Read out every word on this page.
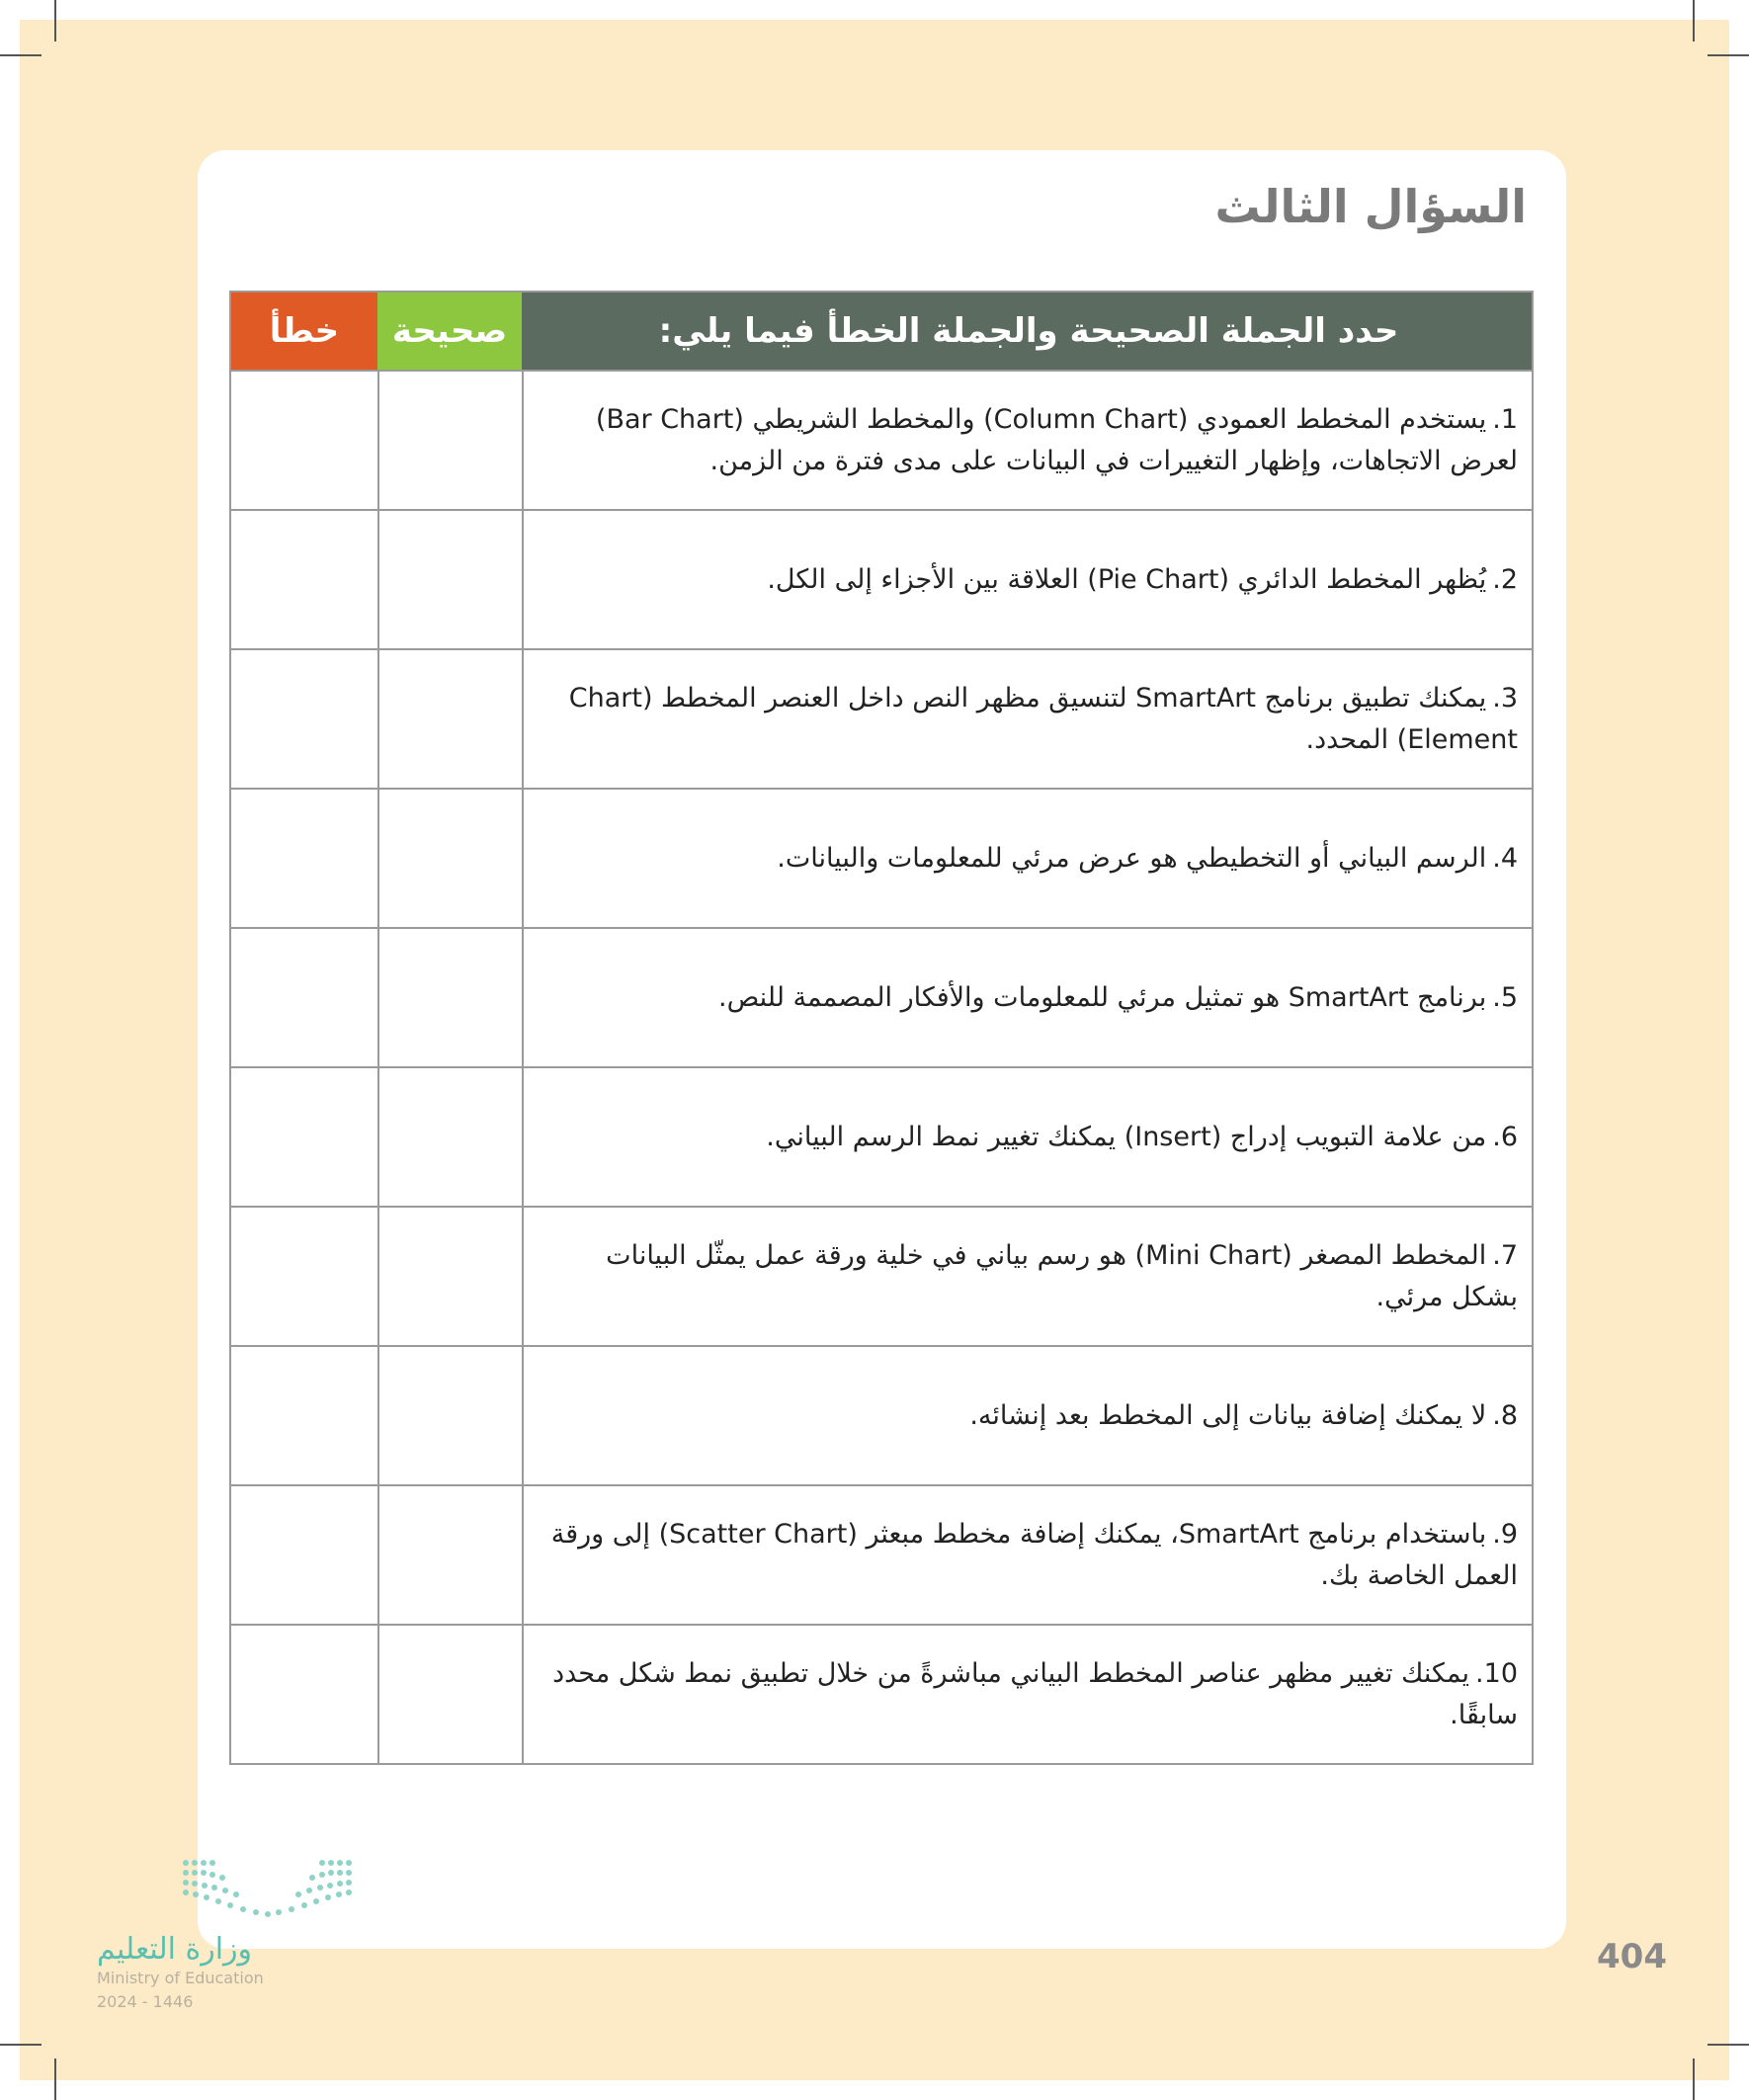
السؤال الثالث
حدد الجملة الصحيحة والجملة الخطأ فيما يلي:
صحيحة
خطأ
1.يستخدم المخطط العمودي (Column Chart) والمخطط الشريطي (Bar Chart) لعرض الاتجاهات، وإظهار التغييرات في البيانات على مدى فترة من الزمن.
2.يُظهر المخطط الدائري (Pie Chart) العلاقة بين الأجزاء إلى الكل.
3.يمكنك تطبيق برنامج SmartArt لتنسيق مظهر النص داخل العنصر المخطط (Chart Element) المحدد.
4.الرسم البياني أو التخطيطي هو عرض مرئي للمعلومات والبيانات.
5.برنامج SmartArt هو تمثيل مرئي للمعلومات والأفكار المصممة للنص.
6.من علامة التبويب إدراج (Insert) يمكنك تغيير نمط الرسم البياني.
7.المخطط المصغر (Mini Chart) هو رسم بياني في خلية ورقة عمل يمثّل البيانات بشكل مرئي.
8.لا يمكنك إضافة بيانات إلى المخطط بعد إنشائه.
9.باستخدام برنامج SmartArt، يمكنك إضافة مخطط مبعثر (Scatter Chart) إلى ورقة العمل الخاصة بك.
10.يمكنك تغيير مظهر عناصر المخطط البياني مباشرةً من خلال تطبيق نمط شكل محدد سابقًا.
وزارة التعليم
Ministry of Education
2024 - 1446
404
